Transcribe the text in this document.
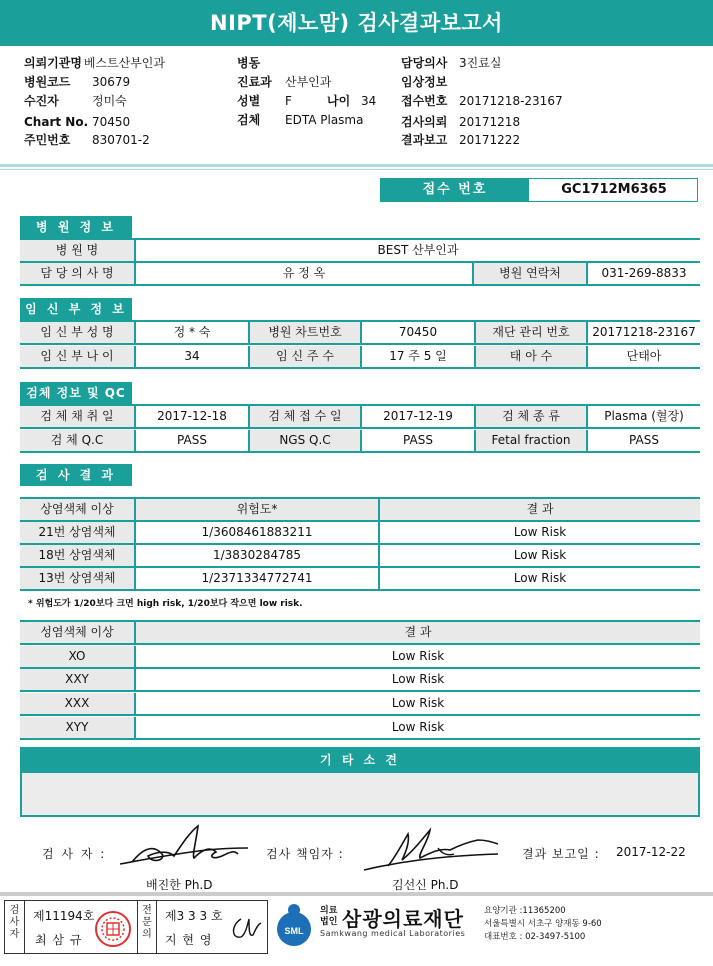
NIPT(제노맘) 검사결과보고서
의뢰기관명 베스트산부인과
병원코드 30679
수진자	정미숙
Chart No. 70450
주민번호 830701-2
병동
진료과 산부인과
성별 F	나이 34
검체 EDTA Plasma
담당의사 3진료실
임상정보
접수번호 20171218-23167
검사의뢰 20171218
결과보고 20171222
접수 번호	GC1712M6365
병 원 정 보
병 원 명	BEST 산부인과
담 당 의 사 명	유 정 옥	병원 연락처	031-269-8833
임 신 부 정 보
임 신 부 성 명	정 * 숙	병원 차트번호	70450	재단 관리 번호	20171218-23167
임 신 부 나 이	34	임 신 주 수	17 주 5 일	태 아 수	단태아
검체 정보 및 QC
검 체 채 취 일	2017-12-18	검 체 접 수 일	2017-12-19	검 체 종 류	Plasma (혈장)
검 체 Q.C	PASS	NGS Q.C	PASS	Fetal fraction	PASS
검 사 결 과
상염색체 이상	위험도*	결 과
21번 상염색체	1/3608461883211	Low Risk
18번 상염색체	1/3830284785	Low Risk
13번 상염색체	1/2371334772741	Low Risk
* 위험도가 1/20보다 크면 high risk, 1/20보다 작으면 low risk.
성염색체 이상	결 과
XO	Low Risk
XXY	Low Risk
XXX	Low Risk
XYY	Low Risk
기 타 소 견
검 사 자 :
배진한 Ph.D
검사 책임자 :
김선신 Ph.D
결과 보고일 : 2017-12-22
검사자
제11194호
최 삼 규
전문의
제3 3 3 호
지 현 영
SML
의료
법인 삼광의료재단
Samkwang medical Laboratories
요양기관 :11365200
서울특별시 서초구 양재동 9-60
대표번호 : 02-3497-5100
